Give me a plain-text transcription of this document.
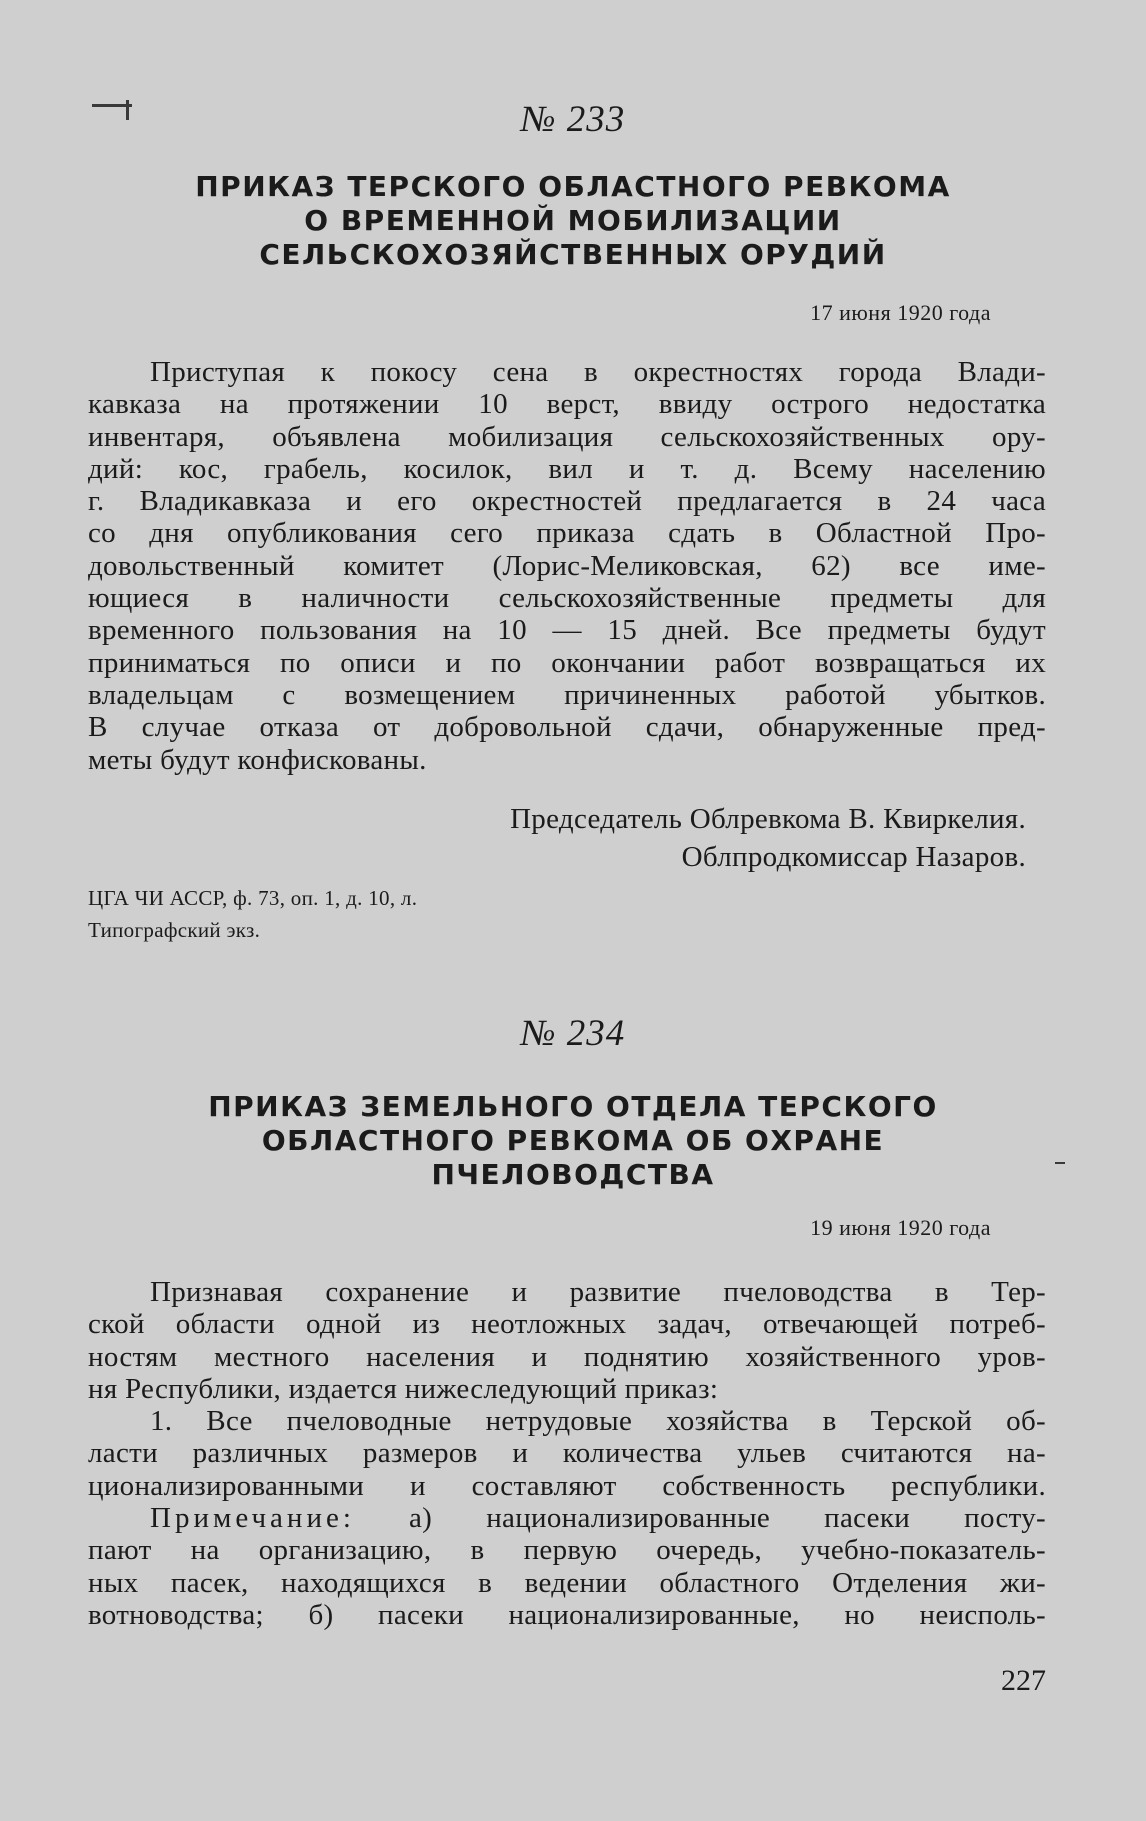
№ 233
ПРИКАЗ ТЕРСКОГО ОБЛАСТНОГО РЕВКОМА
О ВРЕМЕННОЙ МОБИЛИЗАЦИИ
СЕЛЬСКОХОЗЯЙСТВЕННЫХ ОРУДИЙ
17 июня 1920 года
Приступая к покосу сена в окрестностях города Влади-
кавказа на протяжении 10 верст, ввиду острого недостатка
инвентаря, объявлена мобилизация сельскохозяйственных ору-
дий: кос, грабель, косилок, вил и т. д. Всему населению
г. Владикавказа и его окрестностей предлагается в 24 часа
со дня опубликования сего приказа сдать в Областной Про-
довольственный комитет (Лорис-Меликовская, 62) все име-
ющиеся в наличности сельскохозяйственные предметы для
временного пользования на 10 — 15 дней. Все предметы будут
приниматься по описи и по окончании работ возвращаться их
владельцам с возмещением причиненных работой убытков.
В случае отказа от добровольной сдачи, обнаруженные пред-
меты будут конфискованы.
Председатель Облревкома В. Квиркелия.
Облпродкомиссар Назаров.
ЦГА ЧИ АССР, ф. 73, оп. 1, д. 10, л.
Типографский экз.
№ 234
ПРИКАЗ ЗЕМЕЛЬНОГО ОТДЕЛА ТЕРСКОГО
ОБЛАСТНОГО РЕВКОМА ОБ ОХРАНЕ
ПЧЕЛОВОДСТВА
19 июня 1920 года
Признавая сохранение и развитие пчеловодства в Тер-
ской области одной из неотложных задач, отвечающей потреб-
ностям местного населения и поднятию хозяйственного уров-
ня Республики, издается нижеследующий приказ:
1. Все пчеловодные нетрудовые хозяйства в Терской об-
ласти различных размеров и количества ульев считаются на-
ционализированными и составляют собственность республики.
Примечание: а) национализированные пасеки посту-
пают на организацию, в первую очередь, учебно-показатель-
ных пасек, находящихся в ведении областного Отделения жи-
вотноводства; б) пасеки национализированные, но неисполь-
227
